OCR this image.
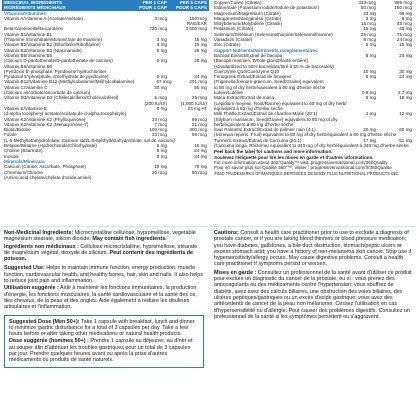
MEDICINAL INGREDIENTS	PER 1 CAP	PER 5 CAPS
INGRÉDIENTS MÉDICINAUX	POUR 1 CAP	POUR 5 CAPS
Vitamins/Vitamines
Vitamin A/Vitamine A (Acetate/Acétate)	3 mcg	150 mcg
RAE/EAR
Beta-carotene/Bêta-carotène	720 mcg	3,600 mcg
Vitamin B1/Vitamine B1
(Thiamine mononitrate/Mononitrate de thiamine)	3 mg	15 mg
Vitamin B2/Vitamine B2 (Riboflavin/Riboflavine)	3 mg	15 mg
Vitamin B3/Vitamine B3 (Niacinamide)	5 mg	25 mg
Vitamin B5/Vitamine B5
(Calcium D-pantothenate/D-pantothénate de calcium)	5 mg	25 mg
Vitamin B6/Vitamine B6
(Pyridoxal 5'-phosphate, Pyridoxine hydrochloride/
Pyridoxal 5'-phosphate, chlorhydrate de pyridoxine)	5 mg	24 mg
Vitamin B12/Vitamine B12 (Methylcobalamin/Méthylcobalamine)	67 mcg	201 mcg
Vitamin C/Vitamine C	30 mg	90 mg
(Calcium ascorbate/Ascorbate de calcium)
Vitamin D3/Vitamine D3 (Cholecalciferol/Cholécalciférol)	5 mcg	25 mcg
(200 IU/UI)	(1,000 IU/UI)
Vitamin E/Vitamine E	8 mg	24 mg AT
(d-alpha tocopheryl acetate/Acétate de d-alpha tocophéryle)
Vitamin K2/Vitamine K2 (Phylloquinone)	33 mcg	99 mcg
Vitamin K2/Vitamine K2 (Menaquinone-7)	7 mcg	21 mcg
Biotin/Biotine	100 mcg	300 mcg
Folate	33 mcg	99 mcg
(L-5-Methyltetrahydrofolate, Calcium salt/L-5-Méthyltétrahydrofolate, sel de calcium)
Betaine/Bétaïne (Hydrochloride/Chlorhydrate)	5 mg	15 mg
Choline (Bitartrate)	8 mg	24 mg
Inositol	8 mg	24 mg
Minerals/Minéraux
Calcium (Citrate, Ascorbate, Phosphate)	15 mg	75 mg
Chromium/Chrome	20 mcg	60 mcg
(Amino acid chelate/chélate d'acide aminé)
Copper/Cuivre (Citrate)	333 mcg	999 mcg
Iodine/Iode (Potassium iodide/Iodure de potassium)	50 mcg	150 mcg
Magnesium/Magnésium (Citrate)	33 mg	99 mg
Manganese/Manganèse (Citrate)	3 mg	9 mg
Molybdenum/Molybdène (Citrate)	15 mcg	45 mcg
Potassium (Citrate)	15 mg	45 mg
Selenium/Sélénium (Selenomethionine/Sélénométhionine)	25 mcg	75 mcg
Vanadium (Citrate)	8 mcg	24 mcg
Zinc (Citrate)	5 mg	15 mg
Support Nutrients/Nutriments complémentaires
Bacopa Extract/Extrait de bacopa	8 mg	24 mg
(Bacopa monnieri, Whole plant/Plante entière)
(standardized to 50% bacosides/titré à 50 % de bacosides)
Coenzyme Q10/Coenzyme Q10	10 mg	30 mg
Fenugreek Extract/Extrait de fenugrec	8 mg	24 mg
(Trigonella foenum-graecum, Seed/Graine) equivalent
to 80 mg of dry herb/équivalent à 80 mg d'herbe sèche
Lutein/Lutéine	0.9 mg	2.7 mg
Maca Extract/Extrait de maca	6 mg	18 mg
(Lepidium meyenii, Root/Racine) equivalent to 60 mg of dry herb/
équivalent à 60 mg d'herbe sèche
Milk Thistle Extract/Extrait de chardon-Marie (20:1)	4 mg	12 mg
(Silybum marianum, Seed/Graine) equivalent to 80 mg of dry
herb/équivalent à 80 mg d'herbe sèche
Saw Palmetto Extract/Extrait de palmier nain (4:1)	20 mg	60 mg
(Serenoa repens, Fruit) equivalent to 80 mg of dry herb/équivalent à 80 mg d'herbe sèche
Turmeric Extract/Extrait de Curcuma (20:1)	17 mg	51 mg
(Curcuma longa, Rhizome) equivalent to 340 mg of dry herb/équivalent à 340 mg d'herbe sèche
Peel back the label for cautions and more information.
Soulevez l'étiquette pour lire les mises en garde et d'autres informations.
For more information about 360°Quality™ visit: progressivenutritional.com/360Quality
Pour en savoir plus sur Qualité 360°™, visiter : progressivenutritional.com/fr/360Qualite
®/MD TRADEMARKS OF/MARQUES DÉPOSÉES DE BODY PLUS NUTRITIONAL PRODUCTS INC.
Non-Medicinal Ingredients: Microcrystalline cellulose, hypromellose, vegetable magnesium stearate, silicon dioxide. May contain fish ingredients.
Ingrédients non médicinaux : Cellulose microcristalline, hypromellose, stéarate de magnésium végétal, dioxyde de silicium. Peut contenir des ingrédients de poisson.
Suggested Use: Helps to maintain immune function, energy production, muscle function, cardiovascular health, and healthy bones, hair, skin and nails. It also helps to reduce joint pain and inflammation.
Utilisation suggérée : Aide à maintenir les fonctions immunitaires, la production d'énergie, les fonctions musculaires, la santé cardiovasculaire et la santé des os, des cheveux, de la peau et des ongles. Aide également à réduire les douleurs articulaires et l'inflammation.
Suggested Dose (Men 50+): Take 1 capsule with breakfast, lunch and dinner to minimize gastric disturbance for a total of 3 capsules per day. Take a few hours before or after taking other medications or natural health products.
Dose suggérée (hommes 50+) : Prendre 1 capsule au déjeuner, au dîner et au souper afin d'atténuer les troubles gastriques pour un total de 3 capsules par jour. Prendre quelques heures avant ou après la prise d'autres médicaments ou produits de santé naturels.
Cautions: Consult a health care practitioner prior to use to exclude a diagnosis of prostate cancer, or if you are taking blood thinners or blood pressure medication; you have diabetes, gallstones, a bile duct obstruction, stomach/peptic ulcers or excess stomach acid; you have a history of non-melanoma skin cancer. Stop use if hypersensitivity/allergy occurs. May cause digestive problems. Consult a health care practitioner if symptoms persist or worsen.
Mises en garde : Consultez un professionnel de la santé avant d'utiliser ce produit pour exclure un diagnostic du cancer de la prostate, ou si : vous prenez des anticoagulants ou des médicaments contre l'hypertension; vous souffrez de diabète, avez avez des calculs biliaires, une obstruction des voies biliaires, des ulcères peptiques/gastriques ou un excès d'acide gastrique; vous avez des antécédents de cancer de la peau non mélanome. Cessez l'utilisation en cas d'hypersensibilité ou d'allergie. Peut causer des problèmes digestifs. Consultez un professionnel de la santé si les symptômes persistent ou s'aggravent.
